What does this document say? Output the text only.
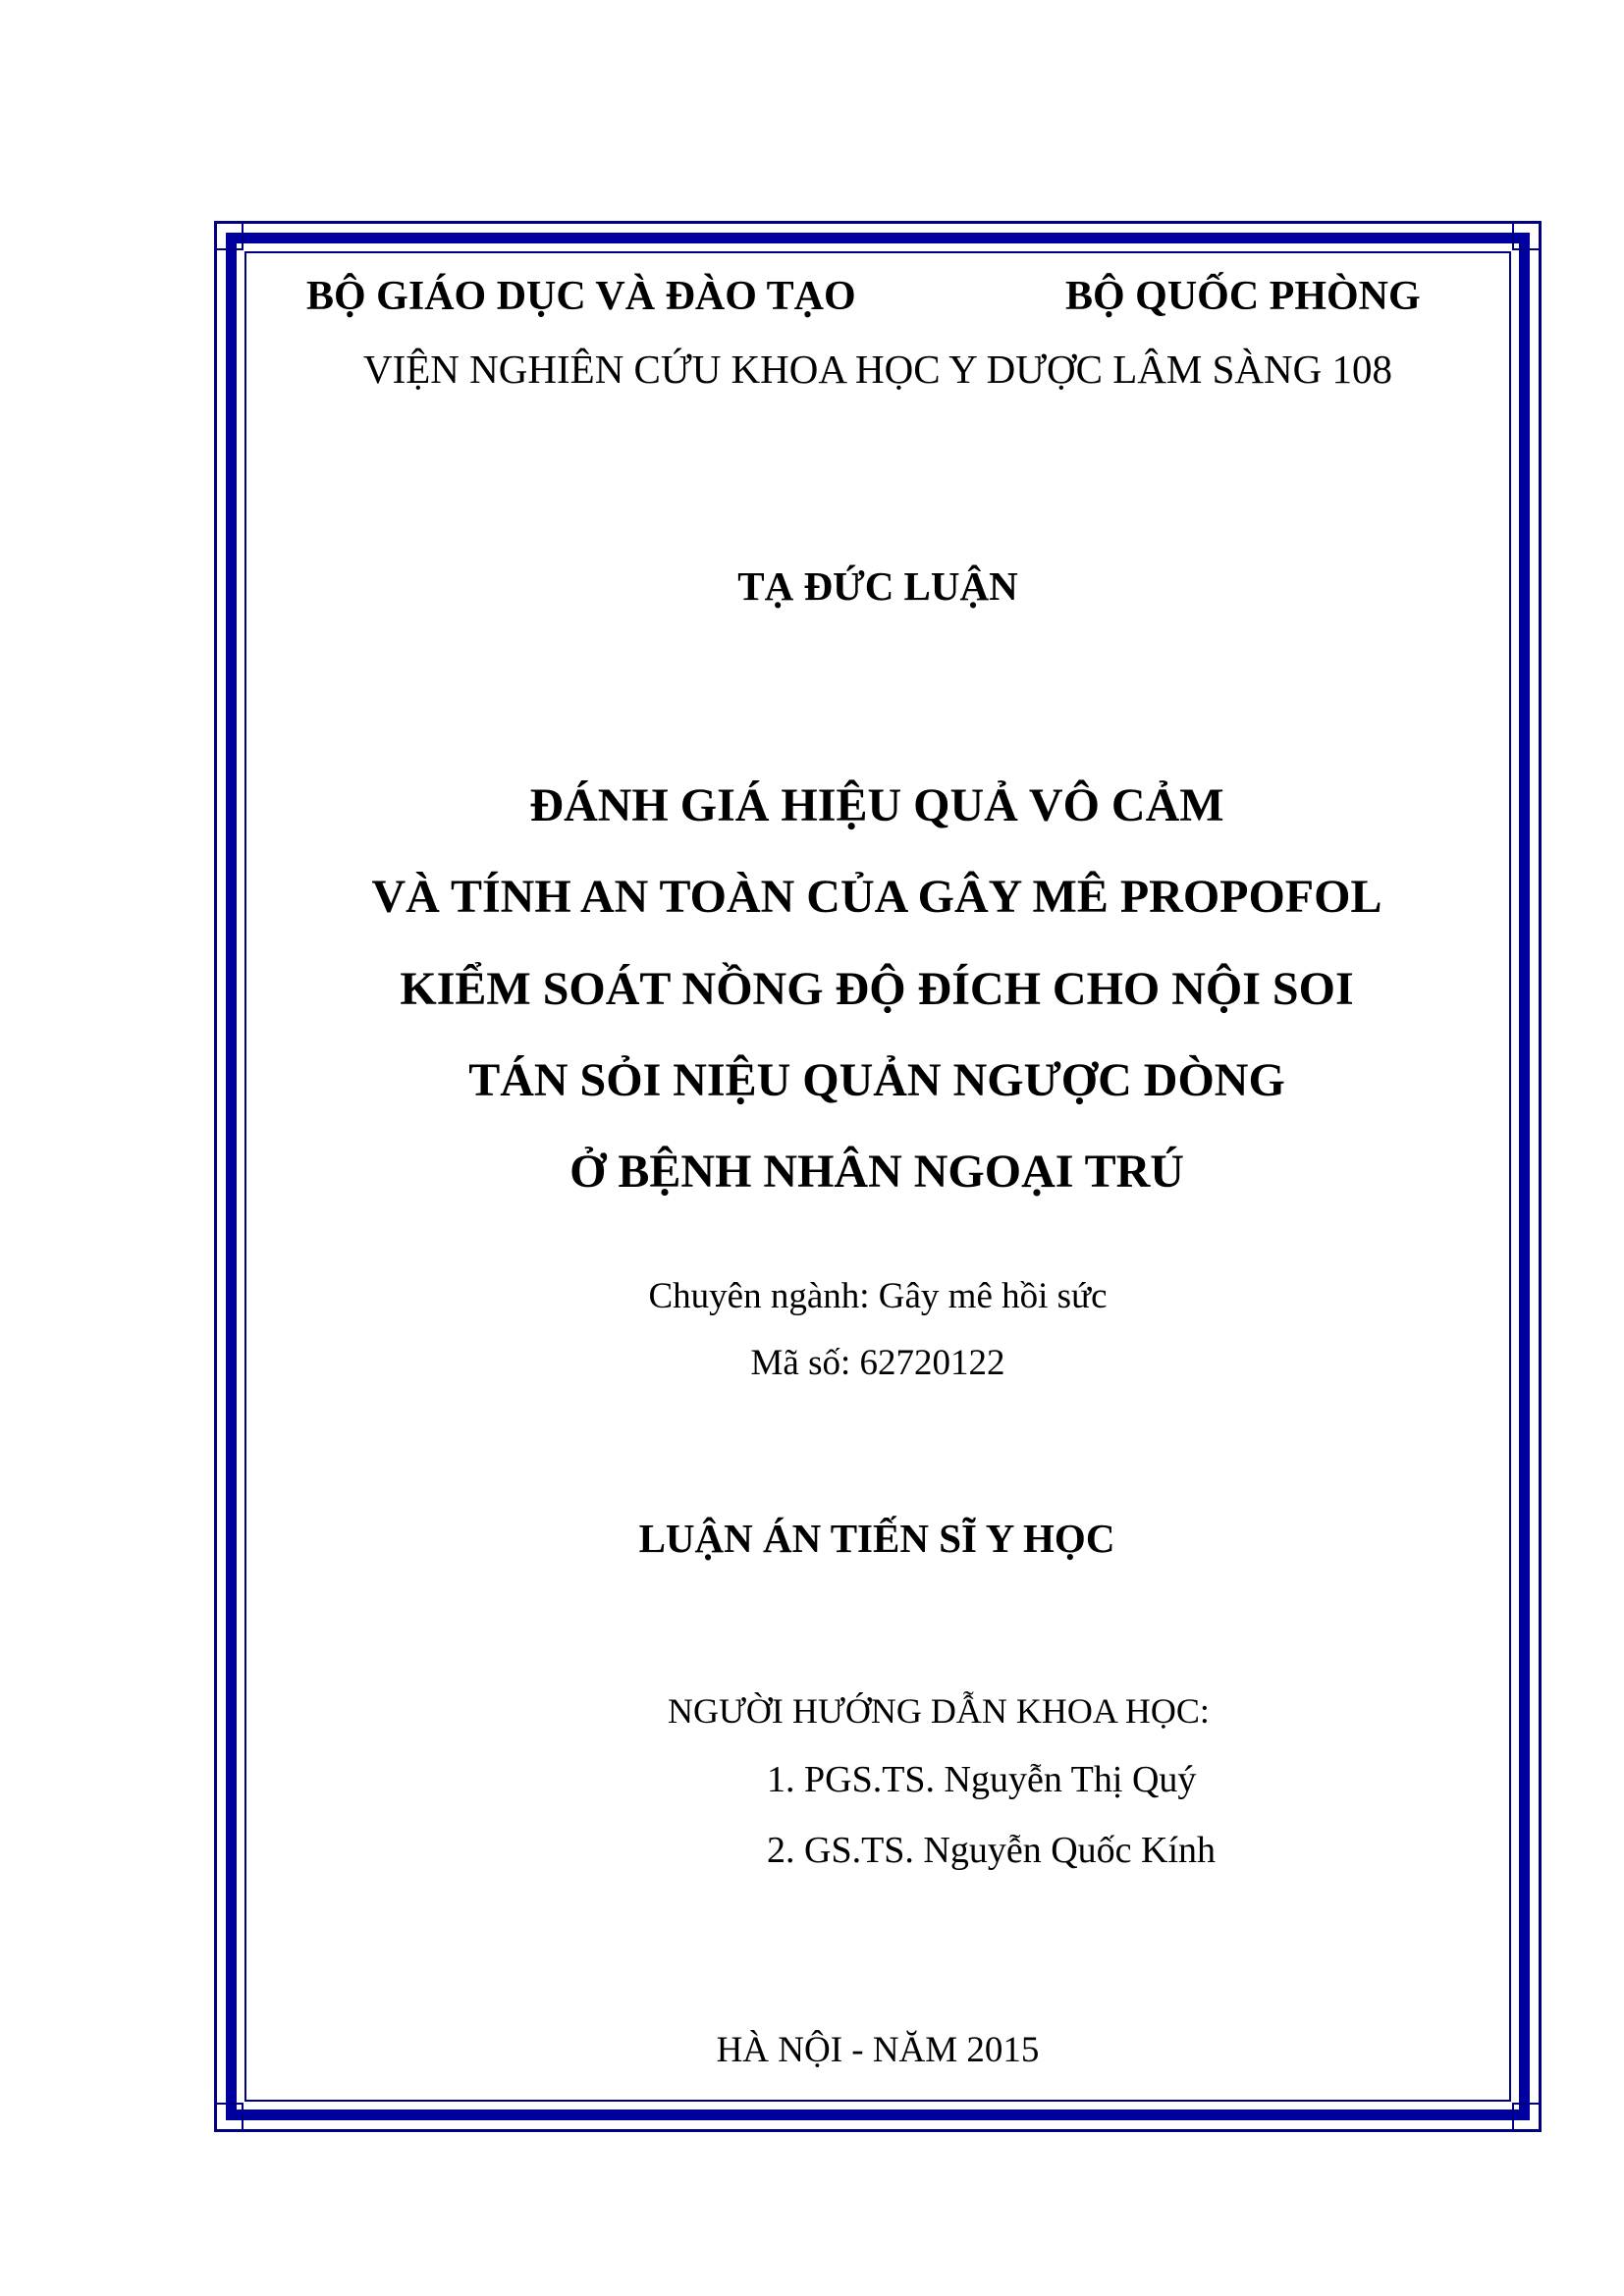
BỘ GIÁO DỤC VÀ ĐÀO TẠO	BỘ QUỐC PHÒNG
VIỆN NGHIÊN CỨU KHOA HỌC Y DƯỢC LÂM SÀNG 108
TẠ ĐỨC LUẬN
ĐÁNH GIÁ HIỆU QUẢ VÔ CẢM
VÀ TÍNH AN TOÀN CỦA GÂY MÊ PROPOFOL
KIỂM SOÁT NỒNG ĐỘ ĐÍCH CHO NỘI SOI
TÁN SỎI NIỆU QUẢN NGƯỢC DÒNG
Ở BỆNH NHÂN NGOẠI TRÚ
Chuyên ngành: Gây mê hồi sức
Mã số: 62720122
LUẬN ÁN TIẾN SĨ Y HỌC
NGƯỜI HƯỚNG DẪN KHOA HỌC:
1. PGS.TS. Nguyễn Thị Quý
2. GS.TS. Nguyễn Quốc Kính
HÀ NỘI - NĂM 2015
